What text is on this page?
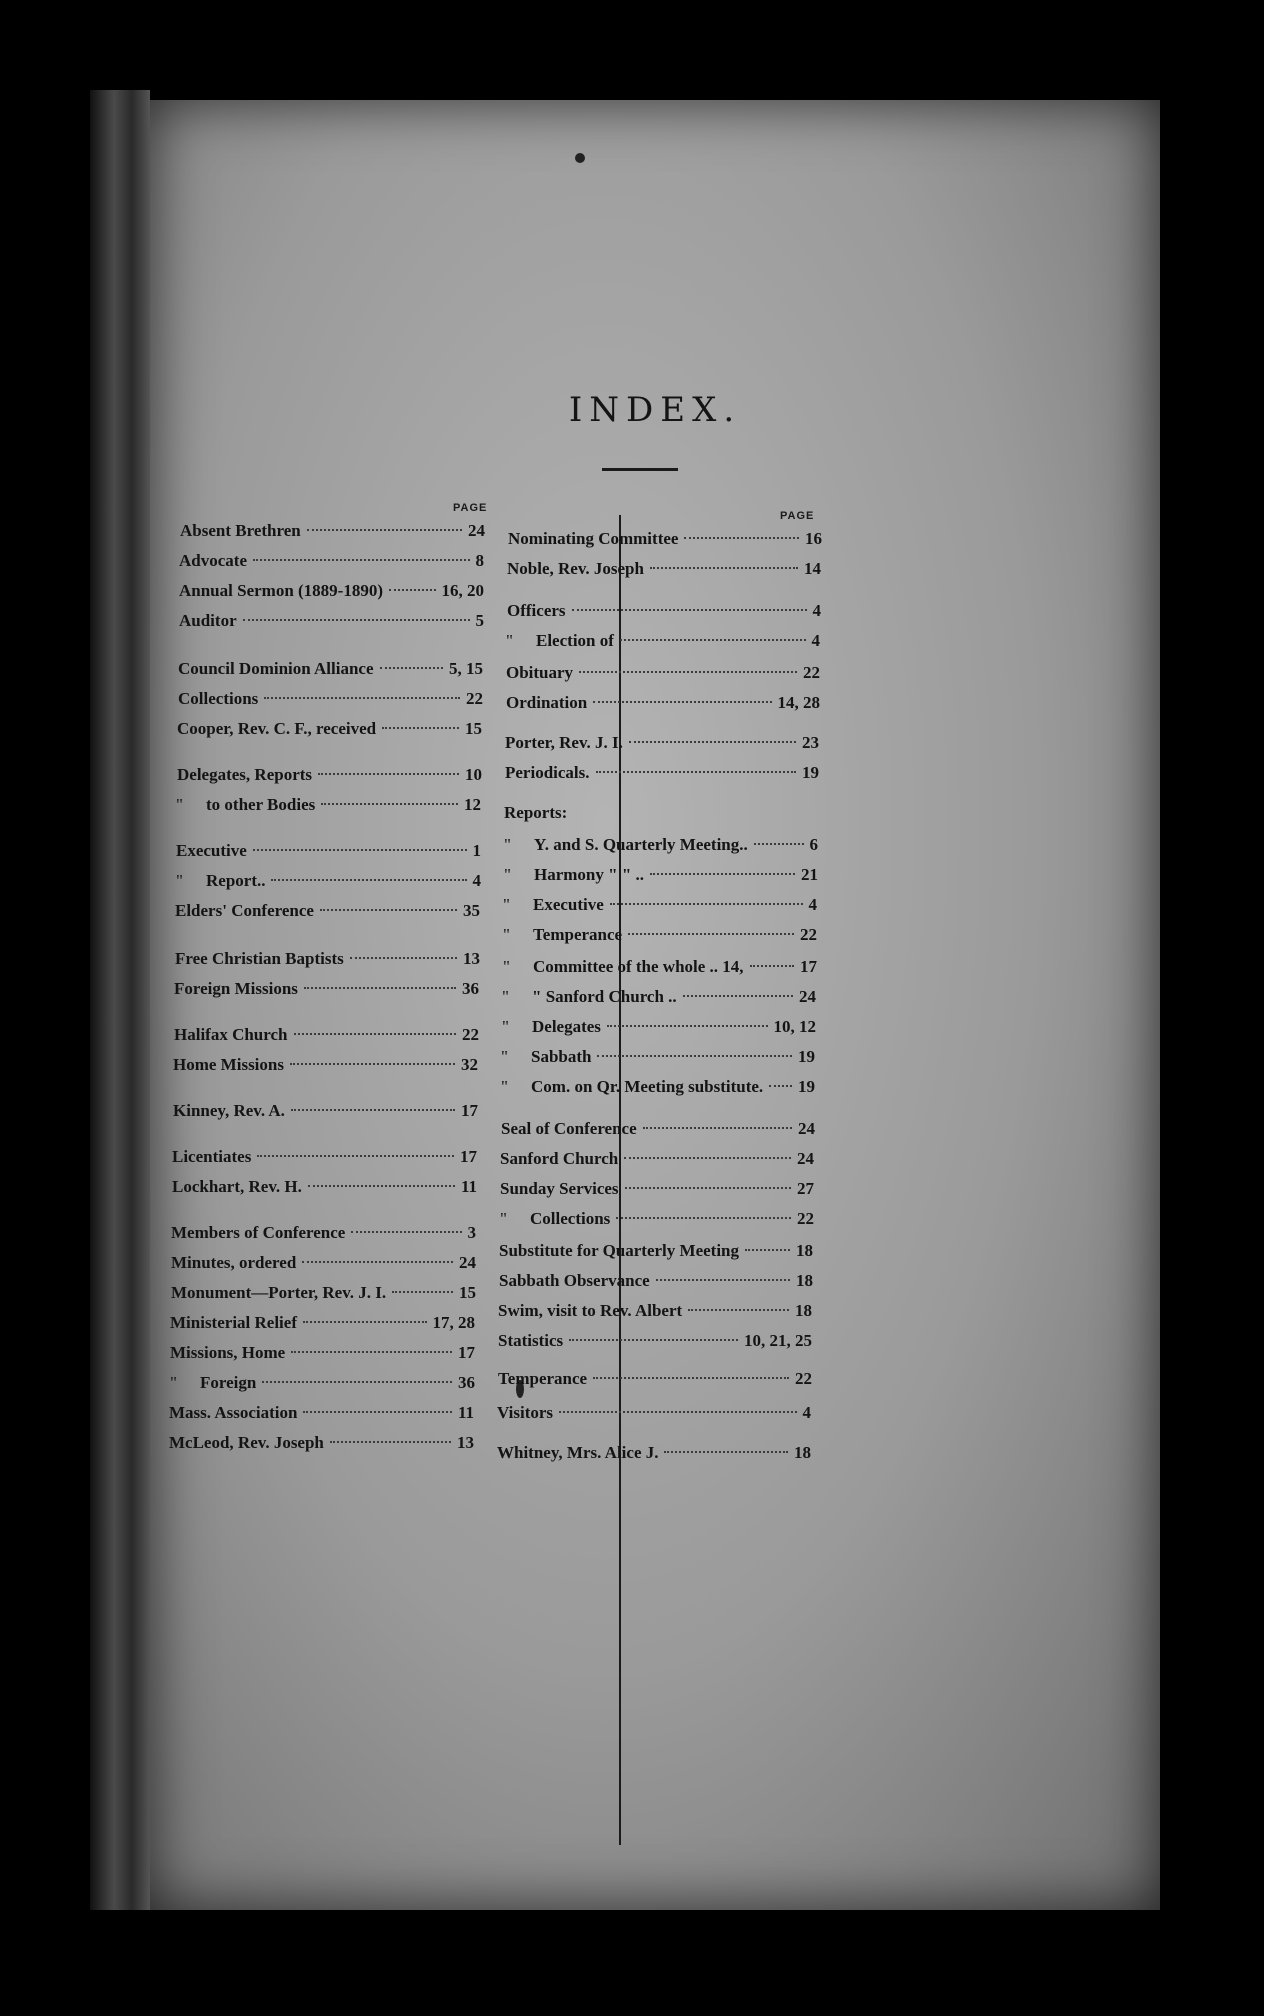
INDEX.
PAGE
PAGE
Absent Brethren	24
Advocate	8
Annual Sermon (1889-1890)	16, 20
Auditor	5
Council Dominion Alliance	5, 15
Collections	22
Cooper, Rev. C. F., received	15
Delegates, Reports	10
"	to other Bodies	12
Executive	1
"	Report..	4
Elders' Conference	35
Free Christian Baptists	13
Foreign Missions	36
Halifax Church	22
Home Missions	32
Kinney, Rev. A.	17
Licentiates	17
Lockhart, Rev. H.	11
Members of Conference	3
Minutes, ordered	24
Monument—Porter, Rev. J. I.	15
Ministerial Relief	17, 28
Missions, Home	17
"	Foreign	36
Mass. Association	11
McLeod, Rev. Joseph	13
Nominating Committee	16
Noble, Rev. Joseph	14
Officers	4
"	Election of	4
Obituary	22
Ordination	14, 28
Porter, Rev. J. I.	23
Periodicals.	19
Reports:
"	Y. and S. Quarterly Meeting..	6
"	Harmony " " ..	21
"	Executive	4
"	Temperance	22
"	Committee of the whole .. 14,	17
"	" Sanford Church ..	24
"	Delegates	10, 12
"	Sabbath	19
"	Com. on Qr. Meeting substitute. 19
Seal of Conference	24
Sanford Church	24
Sunday Services	27
"	Collections	22
Substitute for Quarterly Meeting	18
Sabbath Observance	18
Swim, visit to Rev. Albert	18
Statistics	10, 21, 25
Temperance	22
Visitors	4
Whitney, Mrs. Alice J.	18
